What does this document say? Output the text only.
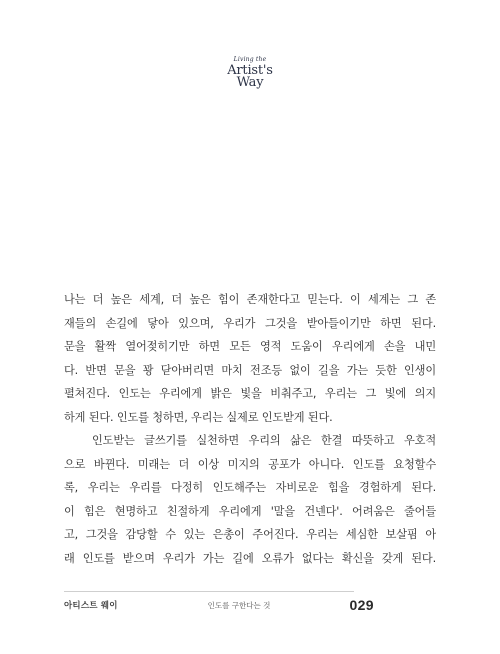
Living the
Artist's
Way

나는 더 높은 세계, 더 높은 힘이 존재한다고 믿는다. 이 세계는 그 존
재들의 손길에 닿아 있으며, 우리가 그것을 받아들이기만 하면 된다.
문을 활짝 열어젖히기만 하면 모든 영적 도움이 우리에게 손을 내민
다. 반면 문을 꽝 닫아버리면 마치 전조등 없이 길을 가는 듯한 인생이
펼쳐진다. 인도는 우리에게 밝은 빛을 비춰주고, 우리는 그 빛에 의지
하게 된다. 인도를 청하면, 우리는 실제로 인도받게 된다.

인도받는 글쓰기를 실천하면 우리의 삶은 한결 따뜻하고 우호적
으로 바뀐다. 미래는 더 이상 미지의 공포가 아니다. 인도를 요청할수
록, 우리는 우리를 다정히 인도해주는 자비로운 힘을 경험하게 된다.
이 힘은 현명하고 친절하게 우리에게 '말을 건넨다'. 어려움은 줄어들
고, 그것을 감당할 수 있는 은총이 주어진다. 우리는 세심한 보살핌 아
래 인도를 받으며 우리가 가는 길에 오류가 없다는 확신을 갖게 된다.

아티스트 웨이	인도를 구한다는 것	029
